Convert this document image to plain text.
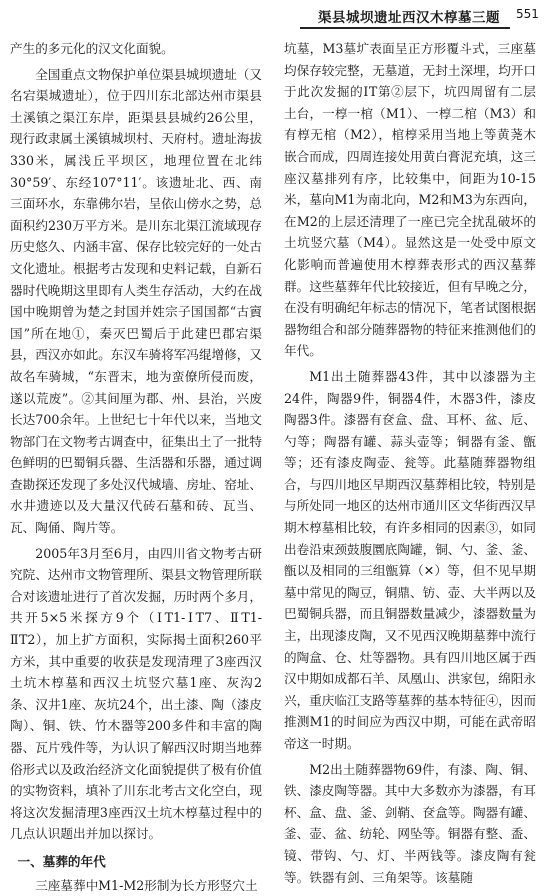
渠县城坝遗址西汉木椁墓三题 551

产生的多元化的汉文化面貌。

全国重点文物保护单位渠县城坝遗址（又名宕渠城遗址），位于四川东北部达州市渠县土溪镇之渠江东岸，距渠县县城约26公里，现行政隶属土溪镇城坝村、天府村。遗址海拔330米，属浅丘平坝区，地理位置在北纬30°59′、东经107°11′。该遗址北、西、南三面环水，东靠佛尔岩，呈依山傍水之势，总面积约230万平方米。是川东北渠江流域现存历史悠久、内涵丰富、保存比较完好的一处古文化遗址。根据考古发现和史料记载，自新石器时代晚期这里即有人类生存活动，大约在战国中晚期曾为楚之封国并姓宗子国国都“古賨国”所在地①，秦灭巴蜀后于此建巴郡宕渠县，西汉亦如此。东汉车骑将军冯绲增修，又故名车骑城，“东晋末，地为蛮僚所侵而废，遂以荒废”。②其间厘为郡、州、县治，兴废长达700余年。上世纪七十年代以来，当地文物部门在文物考古调查中，征集出土了一批特色鲜明的巴蜀铜兵器、生活器和乐器，通过调查勘探还发现了多处汉代城墙、房址、窑址、水井遗迹以及大量汉代砖石墓和砖、瓦当、瓦、陶俑、陶片等。

2005年3月至6月，由四川省文物考古研究院、达州市文物管理所、渠县文物管理所联合对该遗址进行了首次发掘，历时两个多月，共开5×5米探方9个（ⅠT1-ⅠT7、ⅡT1-ⅡT2），加上扩方面积，实际揭土面积260平方米，其中重要的收获是发现清理了3座西汉土坑木椁墓和西汉土坑竖穴墓1座、灰沟2条、汉井1座、灰坑24个，出土漆、陶（漆皮陶）、铜、铁、竹木器等200多件和丰富的陶器、瓦片残件等，为认识了解西汉时期当地葬俗形式以及政治经济文化面貌提供了极有价值的实物资料，填补了川东北考古文化空白，现将这次发掘清理3座西汉土坑木椁墓过程中的几点认识题出并加以探讨。

一、墓葬的年代

三座墓葬中M1-M2形制为长方形竖穴土

坑墓，M3墓圹表面呈正方形覆斗式，三座墓均保存较完整，无墓道，无封土深埋，均开口于此次发掘的ⅠT第②层下，坑四周留有二层土台，一椁一棺（M1）、一椁二棺（M3）和有椁无棺（M2），棺椁采用当地上等黄荛木嵌合而成，四周连接处用黄白膏泥充填，这三座汉墓排列有序，比较集中，间距为10-15米，墓向M1为南北向，M2和M3为东西向，在M2的上层还清理了一座已完全扰乱破坏的土坑竖穴墓（M4）。显然这是一处受中原文化影响而普遍使用木椁葬表形式的西汉墓葬群。这些墓葬年代比较接近，但有早晚之分，在没有明确纪年标志的情况下，笔者试图根据器物组合和部分随葬器物的特征来推测他们的年代。

M1出土随葬器43件，其中以漆器为主24件，陶器9件，铜器4件，木器3件，漆皮陶器3件。漆器有奁盒、盘、耳杯、盆、卮、勺等；陶器有罐、蒜头壶等；铜器有釜、甑等；还有漆皮陶壶、瓮等。此墓随葬器物组合，与四川地区早期西汉墓葬相比较，特别是与所处同一地区的达州市通川区文华街西汉早期木椁墓相比较，有许多相同的因素③，如同出卷沿束颈鼓腹圜底陶罐，铜、勺、釜、釜、甑以及相同的三组甑算（✕）等，但不见早期墓中常见的陶豆，铜鼎、钫、壶、大半两以及巴蜀铜兵器，而且铜器数量减少，漆器数量为主，出现漆皮陶，又不见西汉晚期墓葬中流行的陶盒、仓、灶等器物。具有四川地区属于西汉中期如成都石羊、凤凰山、洪家包，绵阳永兴，重庆临江支路等墓葬的基本特征④，因而推测M1的时间应为西汉中期，可能在武帝昭帝这一时期。

M2出土随葬器物69件，有漆、陶、铜、铁、漆皮陶等器。其中大多数亦为漆器，有耳杯、盒、盘、釜、剑鞘、奁盒等。陶器有罐、釜、壶、盆、纺轮、网坠等。铜器有整、盉、镜、带钩、勺、灯、半两钱等。漆皮陶有瓮等。铁器有剑、三角架等。该墓随
